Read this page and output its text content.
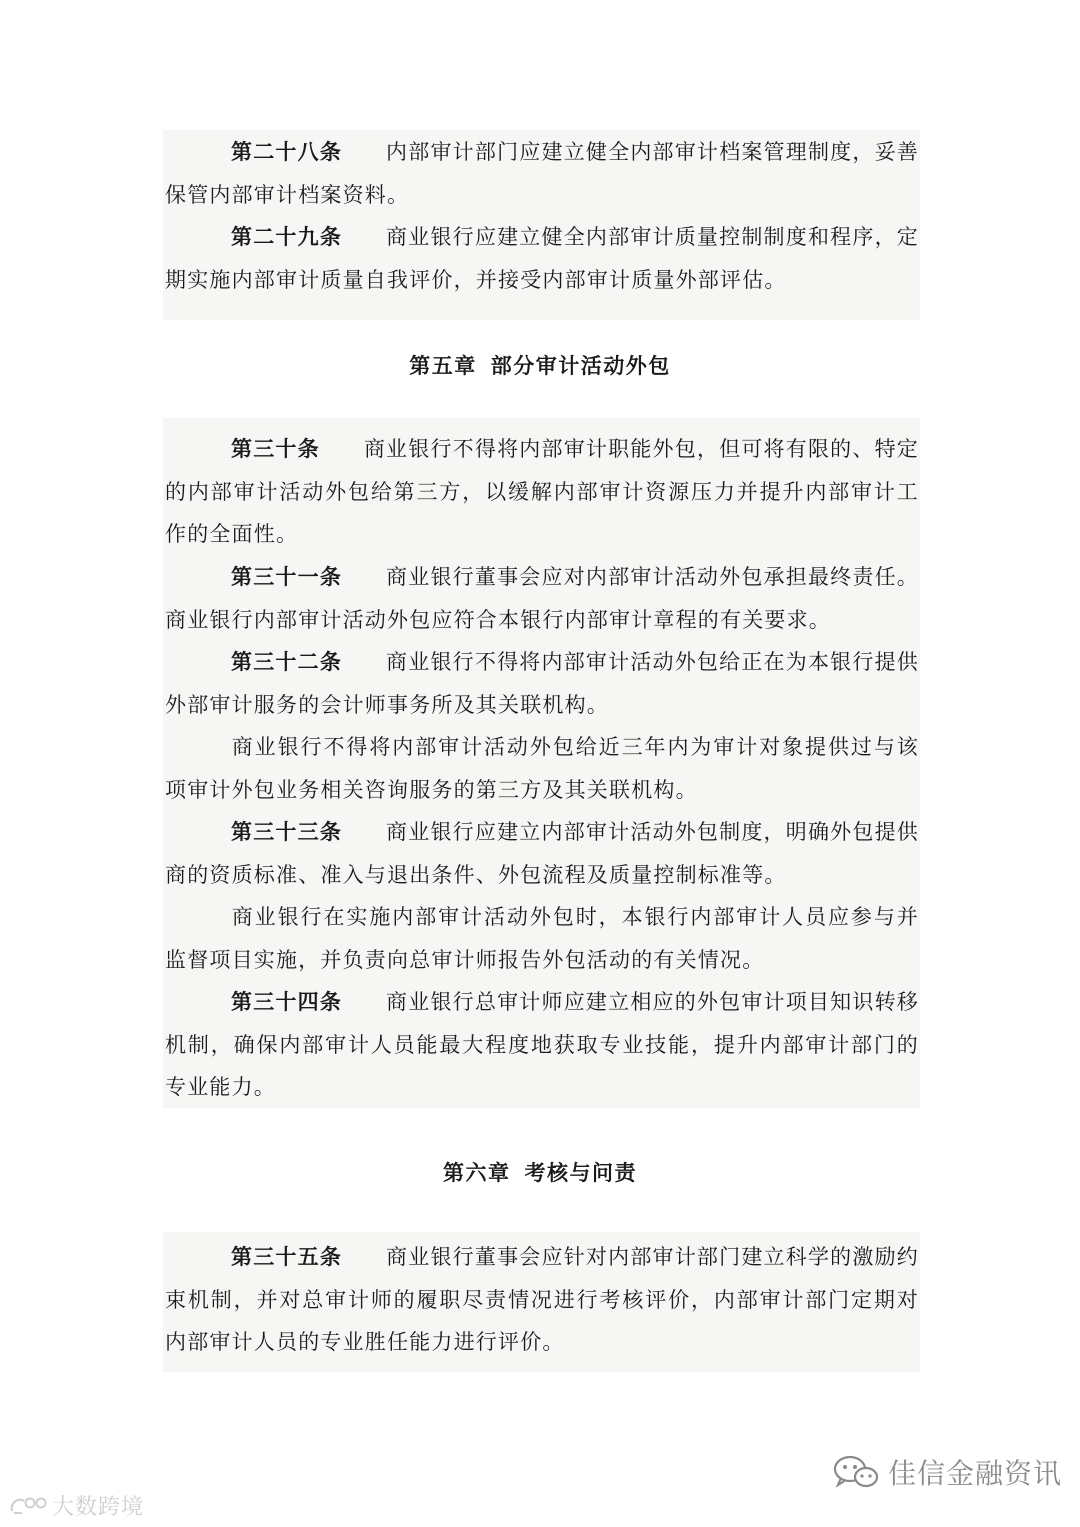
第二十八条 内部审计部门应建立健全内部审计档案管理制度，妥善保管内部审计档案资料。

第二十九条 商业银行应建立健全内部审计质量控制制度和程序，定期实施内部审计质量自我评价，并接受内部审计质量外部评估。

第五章 部分审计活动外包

第三十条 商业银行不得将内部审计职能外包，但可将有限的、特定的内部审计活动外包给第三方，以缓解内部审计资源压力并提升内部审计工作的全面性。

第三十一条 商业银行董事会应对内部审计活动外包承担最终责任。商业银行内部审计活动外包应符合本银行内部审计章程的有关要求。

第三十二条 商业银行不得将内部审计活动外包给正在为本银行提供外部审计服务的会计师事务所及其关联机构。

商业银行不得将内部审计活动外包给近三年内为审计对象提供过与该项审计外包业务相关咨询服务的第三方及其关联机构。

第三十三条 商业银行应建立内部审计活动外包制度，明确外包提供商的资质标准、准入与退出条件、外包流程及质量控制标准等。

商业银行在实施内部审计活动外包时，本银行内部审计人员应参与并监督项目实施，并负责向总审计师报告外包活动的有关情况。

第三十四条 商业银行总审计师应建立相应的外包审计项目知识转移机制，确保内部审计人员能最大程度地获取专业技能，提升内部审计部门的专业能力。

第六章 考核与问责

第三十五条 商业银行董事会应针对内部审计部门建立科学的激励约束机制，并对总审计师的履职尽责情况进行考核评价，内部审计部门定期对内部审计人员的专业胜任能力进行评价。

大数跨境
佳信金融资讯
